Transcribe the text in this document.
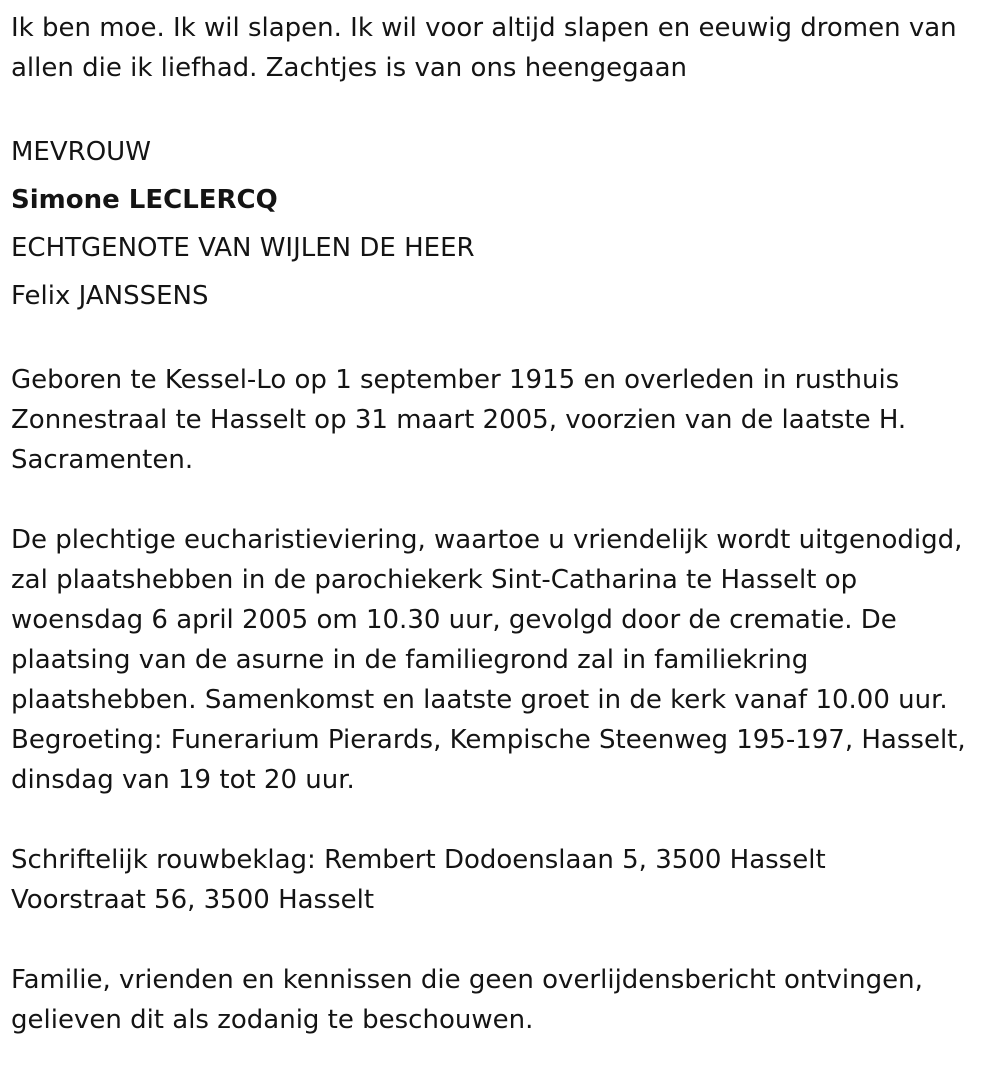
Ik ben moe. Ik wil slapen. Ik wil voor altijd slapen en eeuwig dromen van
allen die ik liefhad. Zachtjes is van ons heengegaan
MEVROUW
Simone LECLERCQ
ECHTGENOTE VAN WIJLEN DE HEER
Felix JANSSENS
Geboren te Kessel-Lo op 1 september 1915 en overleden in rusthuis
Zonnestraal te Hasselt op 31 maart 2005, voorzien van de laatste H.
Sacramenten.
De plechtige eucharistieviering, waartoe u vriendelijk wordt uitgenodigd,
zal plaatshebben in de parochiekerk Sint-Catharina te Hasselt op
woensdag 6 april 2005 om 10.30 uur, gevolgd door de crematie. De
plaatsing van de asurne in de familiegrond zal in familiekring
plaatshebben. Samenkomst en laatste groet in de kerk vanaf 10.00 uur.
Begroeting: Funerarium Pierards, Kempische Steenweg 195-197, Hasselt,
dinsdag van 19 tot 20 uur.
Schriftelijk rouwbeklag: Rembert Dodoenslaan 5, 3500 Hasselt
Voorstraat 56, 3500 Hasselt
Familie, vrienden en kennissen die geen overlijdensbericht ontvingen,
gelieven dit als zodanig te beschouwen.
